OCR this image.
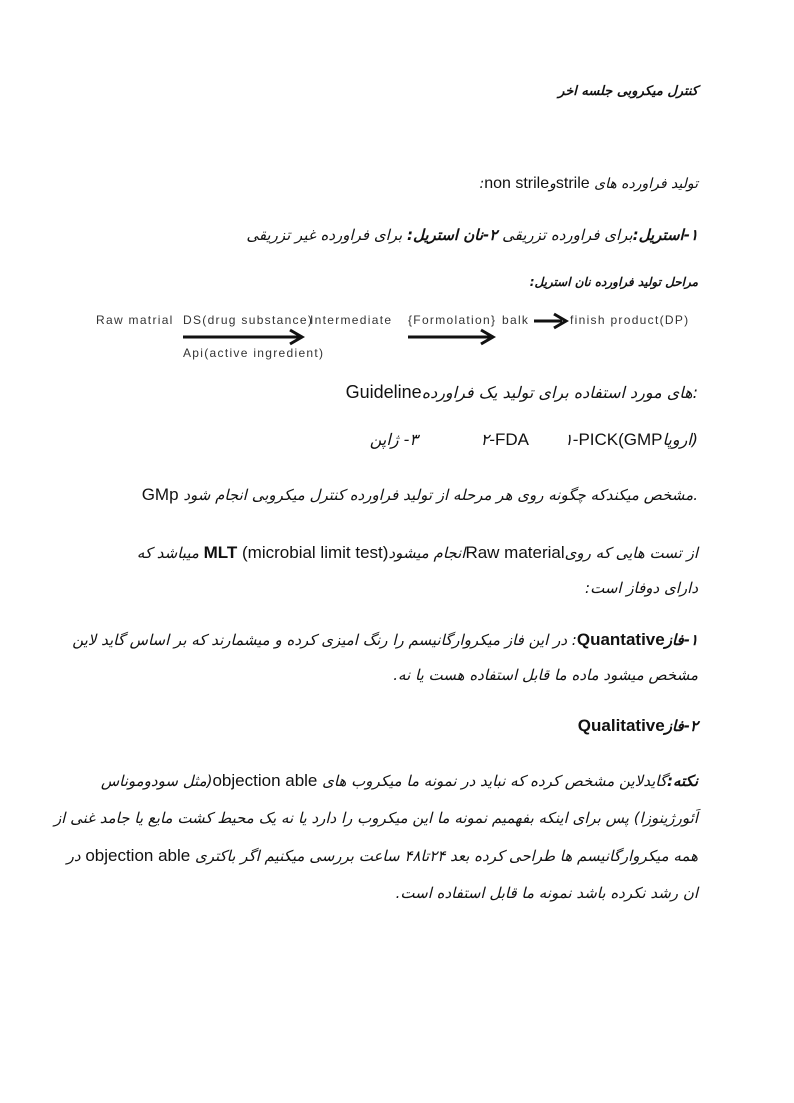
کنترل میکروبی جلسه اخر
تولید فراورده های strileوnon strile:
۱-استریل:برای فراورده تزریقی ۲-نان استریل: برای فراورده غیر تزریقی
مراحل تولید فراورده نان استریل:
Raw matrial DS(drug substance)
Intermediate
Api(active ingredient)
{Formolation} balk	finish product(DP)
Guidelineهای مورد استفاده برای تولید یک فراورده:
۱-PICK(GMPاروپا)
۲-FDA
۳- ژاپن
GMp مشخص میکندکه چگونه روی هر مرحله از تولید فراورده کنترل میکروبی انجام شود.
از تست هایی که رویRaw materialانجام میشودMLT (microbial limit test) میباشد که
دارای دوفاز است:
۱-فازQuantative: در این فاز میکروارگانیسم را رنگ امیزی کرده و میشمارند که بر اساس گاید لاین
مشخص میشود ماده ما قابل استفاده هست یا نه.
۲-فازQualitative
نکته:گایدلاین مشخص کرده که نباید در نمونه ما میکروب های objection able(مثل سودوموناس
اَئورژینوزا) پس برای اینکه بفهمیم نمونه ما این میکروب را دارد یا نه یک محیط کشت مایع یا جامد غنی از
همه میکروارگانیسم ها طراحی کرده بعد ۲۴تا۴۸ ساعت بررسی میکنیم اگر باکتری objection able در
ان رشد نکرده باشد نمونه ما قابل استفاده است.
